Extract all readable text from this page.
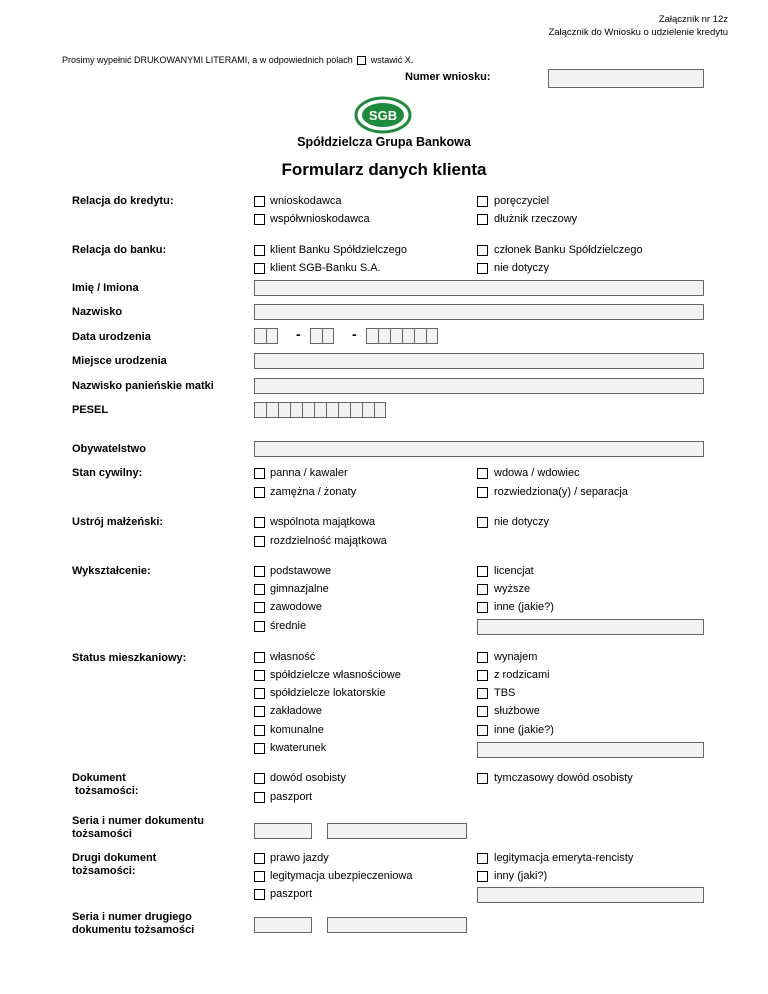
Załącznik nr 12z
Załącznik do Wniosku o udzielenie kredytu
Prosimy wypełnić DRUKOWANYMI LITERAMI, a w odpowiednich polach wstawić X.
Numer wniosku:
SGB
Spółdzielcza Grupa Bankowa
Formularz danych klienta
Relacja do kredytu:	wnioskodawca	poręczyciel
współwnioskodawca	dłużnik rzeczowy
Relacja do banku:	klient Banku Spółdzielczego	członek Banku Spółdzielczego
klient SGB-Banku S.A.	nie dotyczy
Imię / Imiona
Nazwisko
Data urodzenia	-	-
Miejsce urodzenia
Nazwisko panieńskie matki
PESEL
Obywatelstwo
Stan cywilny:	panna / kawaler	wdowa / wdowiec
zamężna / żonaty	rozwiedziona(y) / separacja
Ustrój małżeński:	wspólnota majątkowa	nie dotyczy
rozdzielność majątkowa
Wykształcenie:	podstawowe	licencjat
gimnazjalne	wyższe
zawodowe	inne (jakie?)
średnie
Status mieszkaniowy:	własność	wynajem
spółdzielcze własnościowe	z rodzicami
spółdzielcze lokatorskie	TBS
zakładowe	służbowe
komunalne	inne (jakie?)
kwaterunek
Dokument
tożsamości:
dowód osobisty	tymczasowy dowód osobisty
paszport
Seria i numer dokumentu
tożsamości
Drugi dokument
tożsamości:
prawo jazdy	legitymacja emeryta-rencisty
legitymacja ubezpieczeniowa	inny (jaki?)
paszport
Seria i numer drugiego
dokumentu tożsamości
